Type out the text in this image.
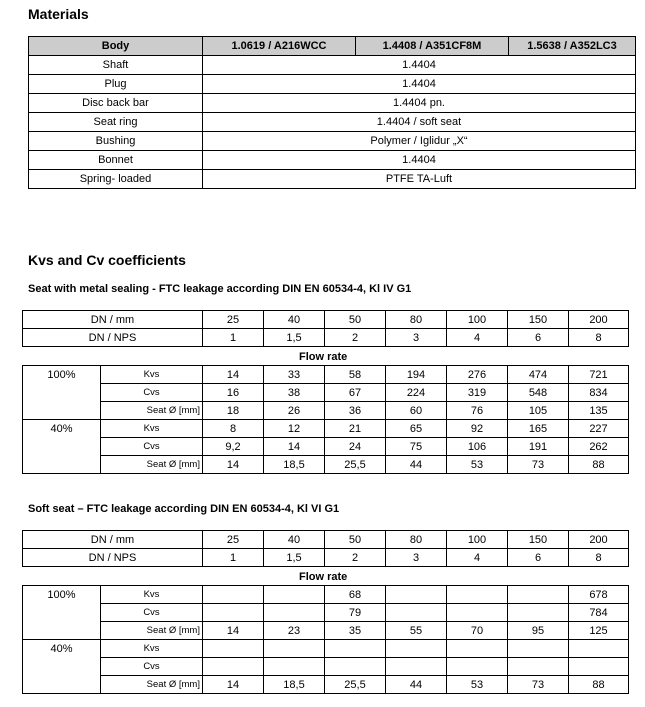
Materials
Body	1.0619 / A216WCC	1.4408 / A351CF8M	1.5638 / A352LC3
Shaft	1.4404		
Plug	1.4404		
Disc back bar	1.4404 pn.		
Seat ring	1.4404 / soft seat		
Bushing	Polymer / Iglidur „X“		
Bonnet	1.4404		
Spring- loaded	PTFE TA-Luft		
Kvs and Cv coefficients
Seat with metal sealing - FTC leakage according DIN EN 60534-4, Kl IV G1
DN / mm	25	40	50	80	100	150	200
DN / NPS	1	1,5	2	3	4	6	8
Flow rate
100%	Kvs	14	33	58	194	276	474	721
	Cvs	16	38	67	224	319	548	834
	Seat Ø [mm]	18	26	36	60	76	105	135
40%	Kvs	8	12	21	65	92	165	227
	Cvs	9,2	14	24	75	106	191	262
	Seat Ø [mm]	14	18,5	25,5	44	53	73	88
Soft seat – FTC leakage according DIN EN 60534-4, Kl VI G1
DN / mm	25	40	50	80	100	150	200
DN / NPS	1	1,5	2	3	4	6	8
Flow rate
100%	Kvs			68				678
	Cvs			79				784
	Seat Ø [mm]	14	23	35	55	70	95	125
40%	Kvs							
	Cvs							
	Seat Ø [mm]	14	18,5	25,5	44	53	73	88
